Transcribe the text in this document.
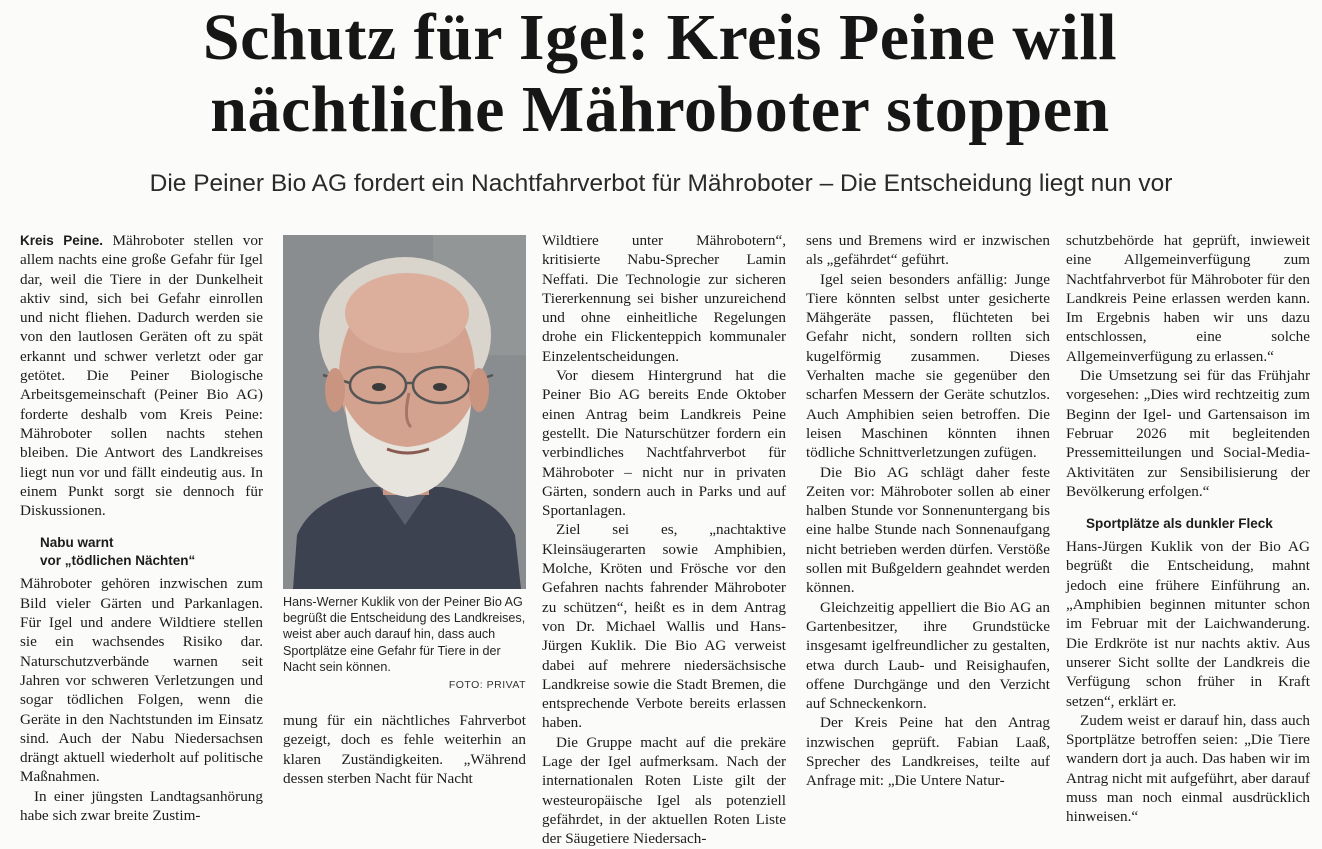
Schutz für Igel: Kreis Peine will
nächtliche Mähroboter stoppen

Die Peiner Bio AG fordert ein Nachtfahrverbot für Mähroboter – Die Entscheidung liegt nun vor

Kreis Peine. Mähroboter stellen vor allem nachts eine große Gefahr für Igel dar, weil die Tiere in der Dunkelheit aktiv sind, sich bei Gefahr einrollen und nicht fliehen. Dadurch werden sie von den lautlosen Geräten oft zu spät erkannt und schwer verletzt oder gar getötet. Die Peiner Biologische Arbeitsgemeinschaft (Peiner Bio AG) forderte deshalb vom Kreis Peine: Mähroboter sollen nachts stehen bleiben. Die Antwort des Landkreises liegt nun vor und fällt eindeutig aus. In einem Punkt sorgt sie dennoch für Diskussionen.

Nabu warnt
vor „tödlichen Nächten“

Mähroboter gehören inzwischen zum Bild vieler Gärten und Parkanlagen. Für Igel und andere Wildtiere stellen sie ein wachsendes Risiko dar. Naturschutzverbände warnen seit Jahren vor schweren Verletzungen und sogar tödlichen Folgen, wenn die Geräte in den Nachtstunden im Einsatz sind. Auch der Nabu Niedersachsen drängt aktuell wiederholt auf politische Maßnahmen.

In einer jüngsten Landtagsanhörung habe sich zwar breite Zustim-

Hans-Werner Kuklik von der Peiner Bio AG begrüßt die Entscheidung des Landkreises, weist aber auch darauf hin, dass auch Sportplätze eine Gefahr für Tiere in der Nacht sein können.

FOTO: PRIVAT

mung für ein nächtliches Fahrverbot gezeigt, doch es fehle weiterhin an klaren Zuständigkeiten. „Während dessen sterben Nacht für Nacht

Wildtiere unter Mährobotern“, kritisierte Nabu-Sprecher Lamin Neffati. Die Technologie zur sicheren Tiererkennung sei bisher unzureichend und ohne einheitliche Regelungen drohe ein Flickenteppich kommunaler Einzelentscheidungen.

Vor diesem Hintergrund hat die Peiner Bio AG bereits Ende Oktober einen Antrag beim Landkreis Peine gestellt. Die Naturschützer fordern ein verbindliches Nachtfahrverbot für Mähroboter – nicht nur in privaten Gärten, sondern auch in Parks und auf Sportanlagen.

Ziel sei es, „nachtaktive Kleinsäugerarten sowie Amphibien, Molche, Kröten und Frösche vor den Gefahren nachts fahrender Mähroboter zu schützen“, heißt es in dem Antrag von Dr. Michael Wallis und Hans-Jürgen Kuklik. Die Bio AG verweist dabei auf mehrere niedersächsische Landkreise sowie die Stadt Bremen, die entsprechende Verbote bereits erlassen haben.

Die Gruppe macht auf die prekäre Lage der Igel aufmerksam. Nach der internationalen Roten Liste gilt der westeuropäische Igel als potenziell gefährdet, in der aktuellen Roten Liste der Säugetiere Niedersach-

sens und Bremens wird er inzwischen als „gefährdet“ geführt.

Igel seien besonders anfällig: Junge Tiere könnten selbst unter gesicherte Mähgeräte passen, flüchteten bei Gefahr nicht, sondern rollten sich kugelförmig zusammen. Dieses Verhalten mache sie gegenüber den scharfen Messern der Geräte schutzlos. Auch Amphibien seien betroffen. Die leisen Maschinen könnten ihnen tödliche Schnittverletzungen zufügen.

Die Bio AG schlägt daher feste Zeiten vor: Mähroboter sollen ab einer halben Stunde vor Sonnenuntergang bis eine halbe Stunde nach Sonnenaufgang nicht betrieben werden dürfen. Verstöße sollen mit Bußgeldern geahndet werden können.

Gleichzeitig appelliert die Bio AG an Gartenbesitzer, ihre Grundstücke insgesamt igelfreundlicher zu gestalten, etwa durch Laub- und Reisighaufen, offene Durchgänge und den Verzicht auf Schneckenkorn.

Der Kreis Peine hat den Antrag inzwischen geprüft. Fabian Laaß, Sprecher des Landkreises, teilte auf Anfrage mit: „Die Untere Natur-

schutzbehörde hat geprüft, inwieweit eine Allgemeinverfügung zum Nachtfahrverbot für Mähroboter für den Landkreis Peine erlassen werden kann. Im Ergebnis haben wir uns dazu entschlossen, eine solche Allgemeinverfügung zu erlassen.“

Die Umsetzung sei für das Frühjahr vorgesehen: „Dies wird rechtzeitig zum Beginn der Igel- und Gartensaison im Februar 2026 mit begleitenden Pressemitteilungen und Social-Media-Aktivitäten zur Sensibilisierung der Bevölkerung erfolgen.“

Sportplätze als dunkler Fleck

Hans-Jürgen Kuklik von der Bio AG begrüßt die Entscheidung, mahnt jedoch eine frühere Einführung an. „Amphibien beginnen mitunter schon im Februar mit der Laichwanderung. Die Erdkröte ist nur nachts aktiv. Aus unserer Sicht sollte der Landkreis die Verfügung schon früher in Kraft setzen“, erklärt er.

Zudem weist er darauf hin, dass auch Sportplätze betroffen seien: „Die Tiere wandern dort ja auch. Das haben wir im Antrag nicht mit aufgeführt, aber darauf muss man noch einmal ausdrücklich hinweisen.“
